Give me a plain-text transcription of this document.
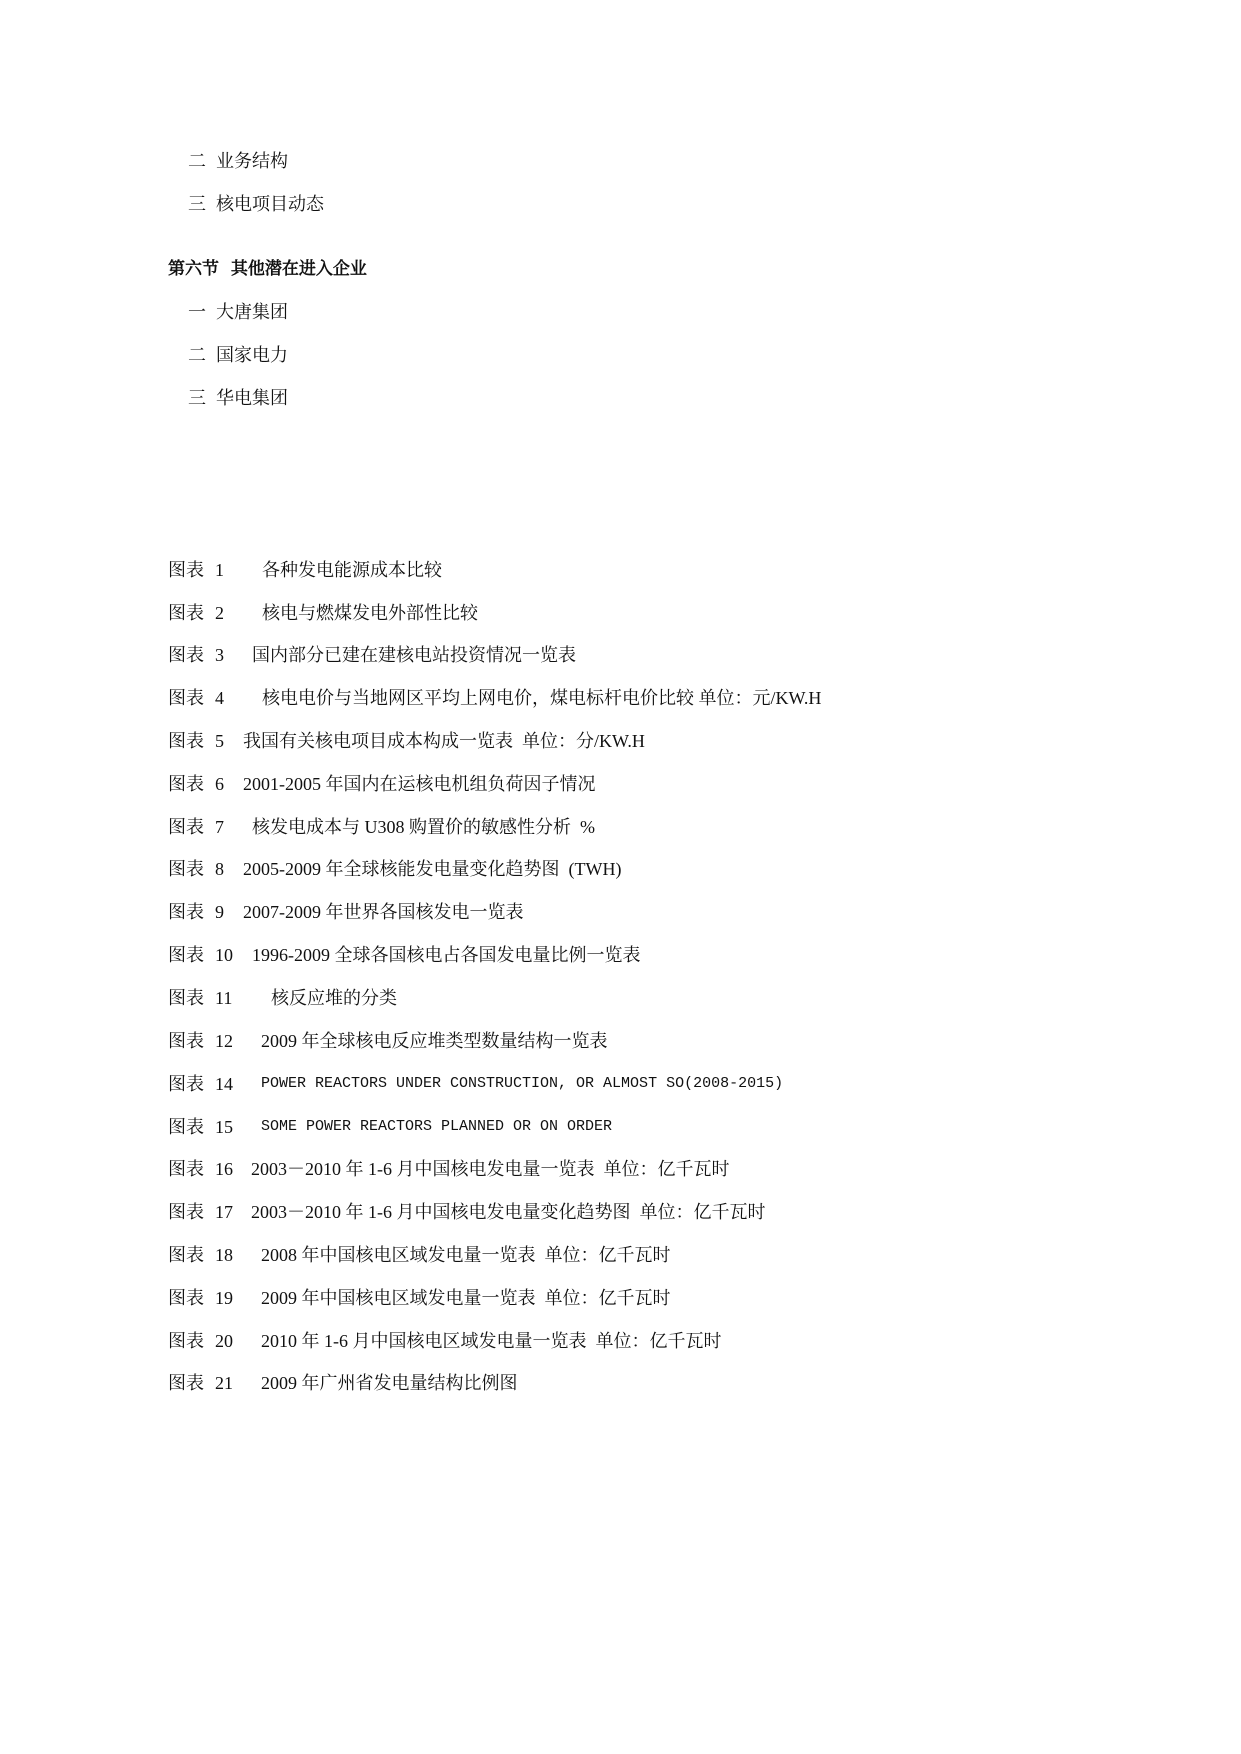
二

业务结构

三

核电项目动态

第六节  其他潜在进入企业

一

大唐集团

二

国家电力

三

华电集团

图表

1

各种发电能源成本比较

图表

2

核电与燃煤发电外部性比较

图表

3

国内部分已建在建核电站投资情况一览表

图表

4

核电电价与当地网区平均上网电价，煤电标杆电价比较 单位：元/KW.H

图表

5

我国有关核电项目成本构成一览表  单位：分/KW.H

图表

6

2001-2005 年国内在运核电机组负荷因子情况

图表

7

核发电成本与 U308 购置价的敏感性分析  %

图表

8

2005-2009 年全球核能发电量变化趋势图  (TWH)

图表

9

2007-2009 年世界各国核发电一览表

图表

10

1996-2009 全球各国核电占各国发电量比例一览表

图表

11

核反应堆的分类

图表

12

2009 年全球核电反应堆类型数量结构一览表

图表

14

POWER REACTORS UNDER CONSTRUCTION, OR ALMOST SO(2008-2015)

图表

15

SOME POWER REACTORS PLANNED OR ON ORDER

图表

16

2003－2010 年 1-6 月中国核电发电量一览表  单位：亿千瓦时

图表

17

2003－2010 年 1-6 月中国核电发电量变化趋势图  单位：亿千瓦时

图表

18

2008 年中国核电区域发电量一览表  单位：亿千瓦时

图表

19

2009 年中国核电区域发电量一览表  单位：亿千瓦时

图表

20

2010 年 1-6 月中国核电区域发电量一览表  单位：亿千瓦时

图表

21

2009 年广州省发电量结构比例图
